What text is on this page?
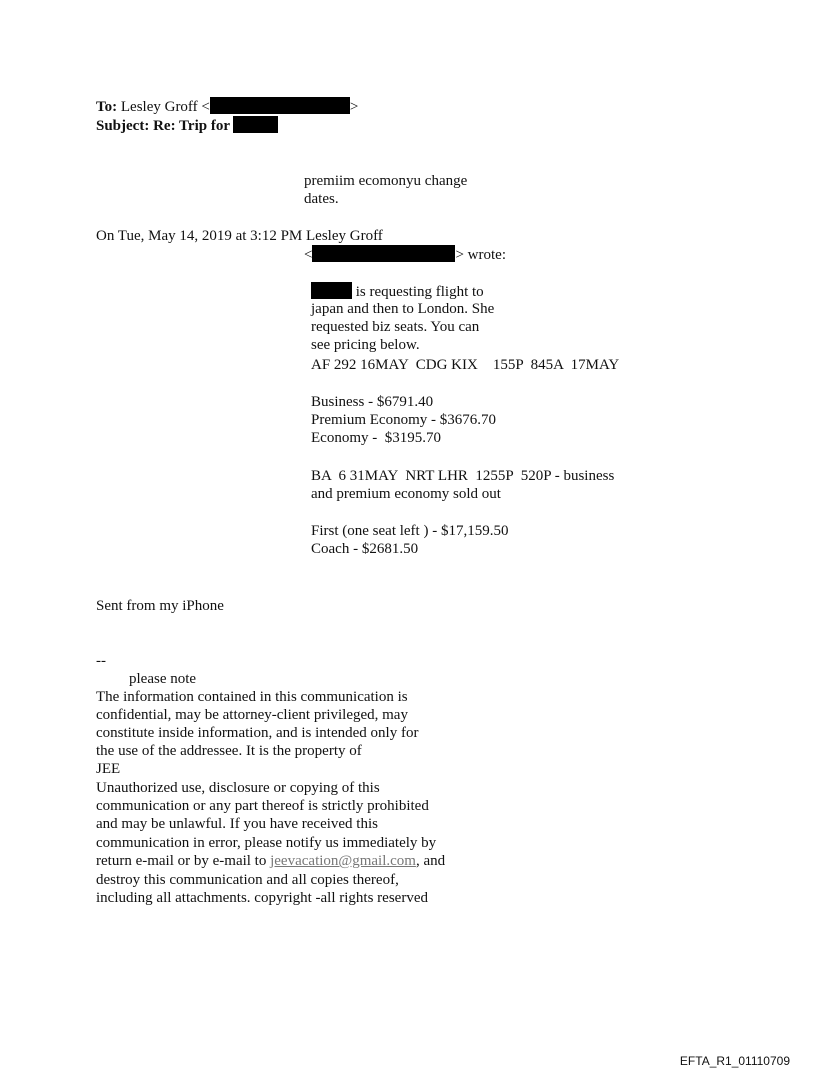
To: Lesley Groff <	>
Subject: Re: Trip for
premiim ecomonyu change
dates.
On Tue, May 14, 2019 at 3:12 PM Lesley Groff
<	> wrote:
is requesting flight to
japan and then to London. She
requested biz seats. You can
see pricing below.
AF 292 16MAY  CDG KIX    155P  845A  17MAY
Business - $6791.40
Premium Economy - $3676.70
Economy -  $3195.70
BA  6 31MAY  NRT LHR  1255P  520P - business
and premium economy sold out
First (one seat left ) - $17,159.50
Coach - $2681.50
Sent from my iPhone
--
please note
The information contained in this communication is
confidential, may be attorney-client privileged, may
constitute inside information, and is intended only for
the use of the addressee. It is the property of
JEE
Unauthorized use, disclosure or copying of this
communication or any part thereof is strictly prohibited
and may be unlawful. If you have received this
communication in error, please notify us immediately by
return e-mail or by e-mail to jeevacation@gmail.com, and
destroy this communication and all copies thereof,
including all attachments. copyright -all rights reserved
EFTA_R1_01110709
